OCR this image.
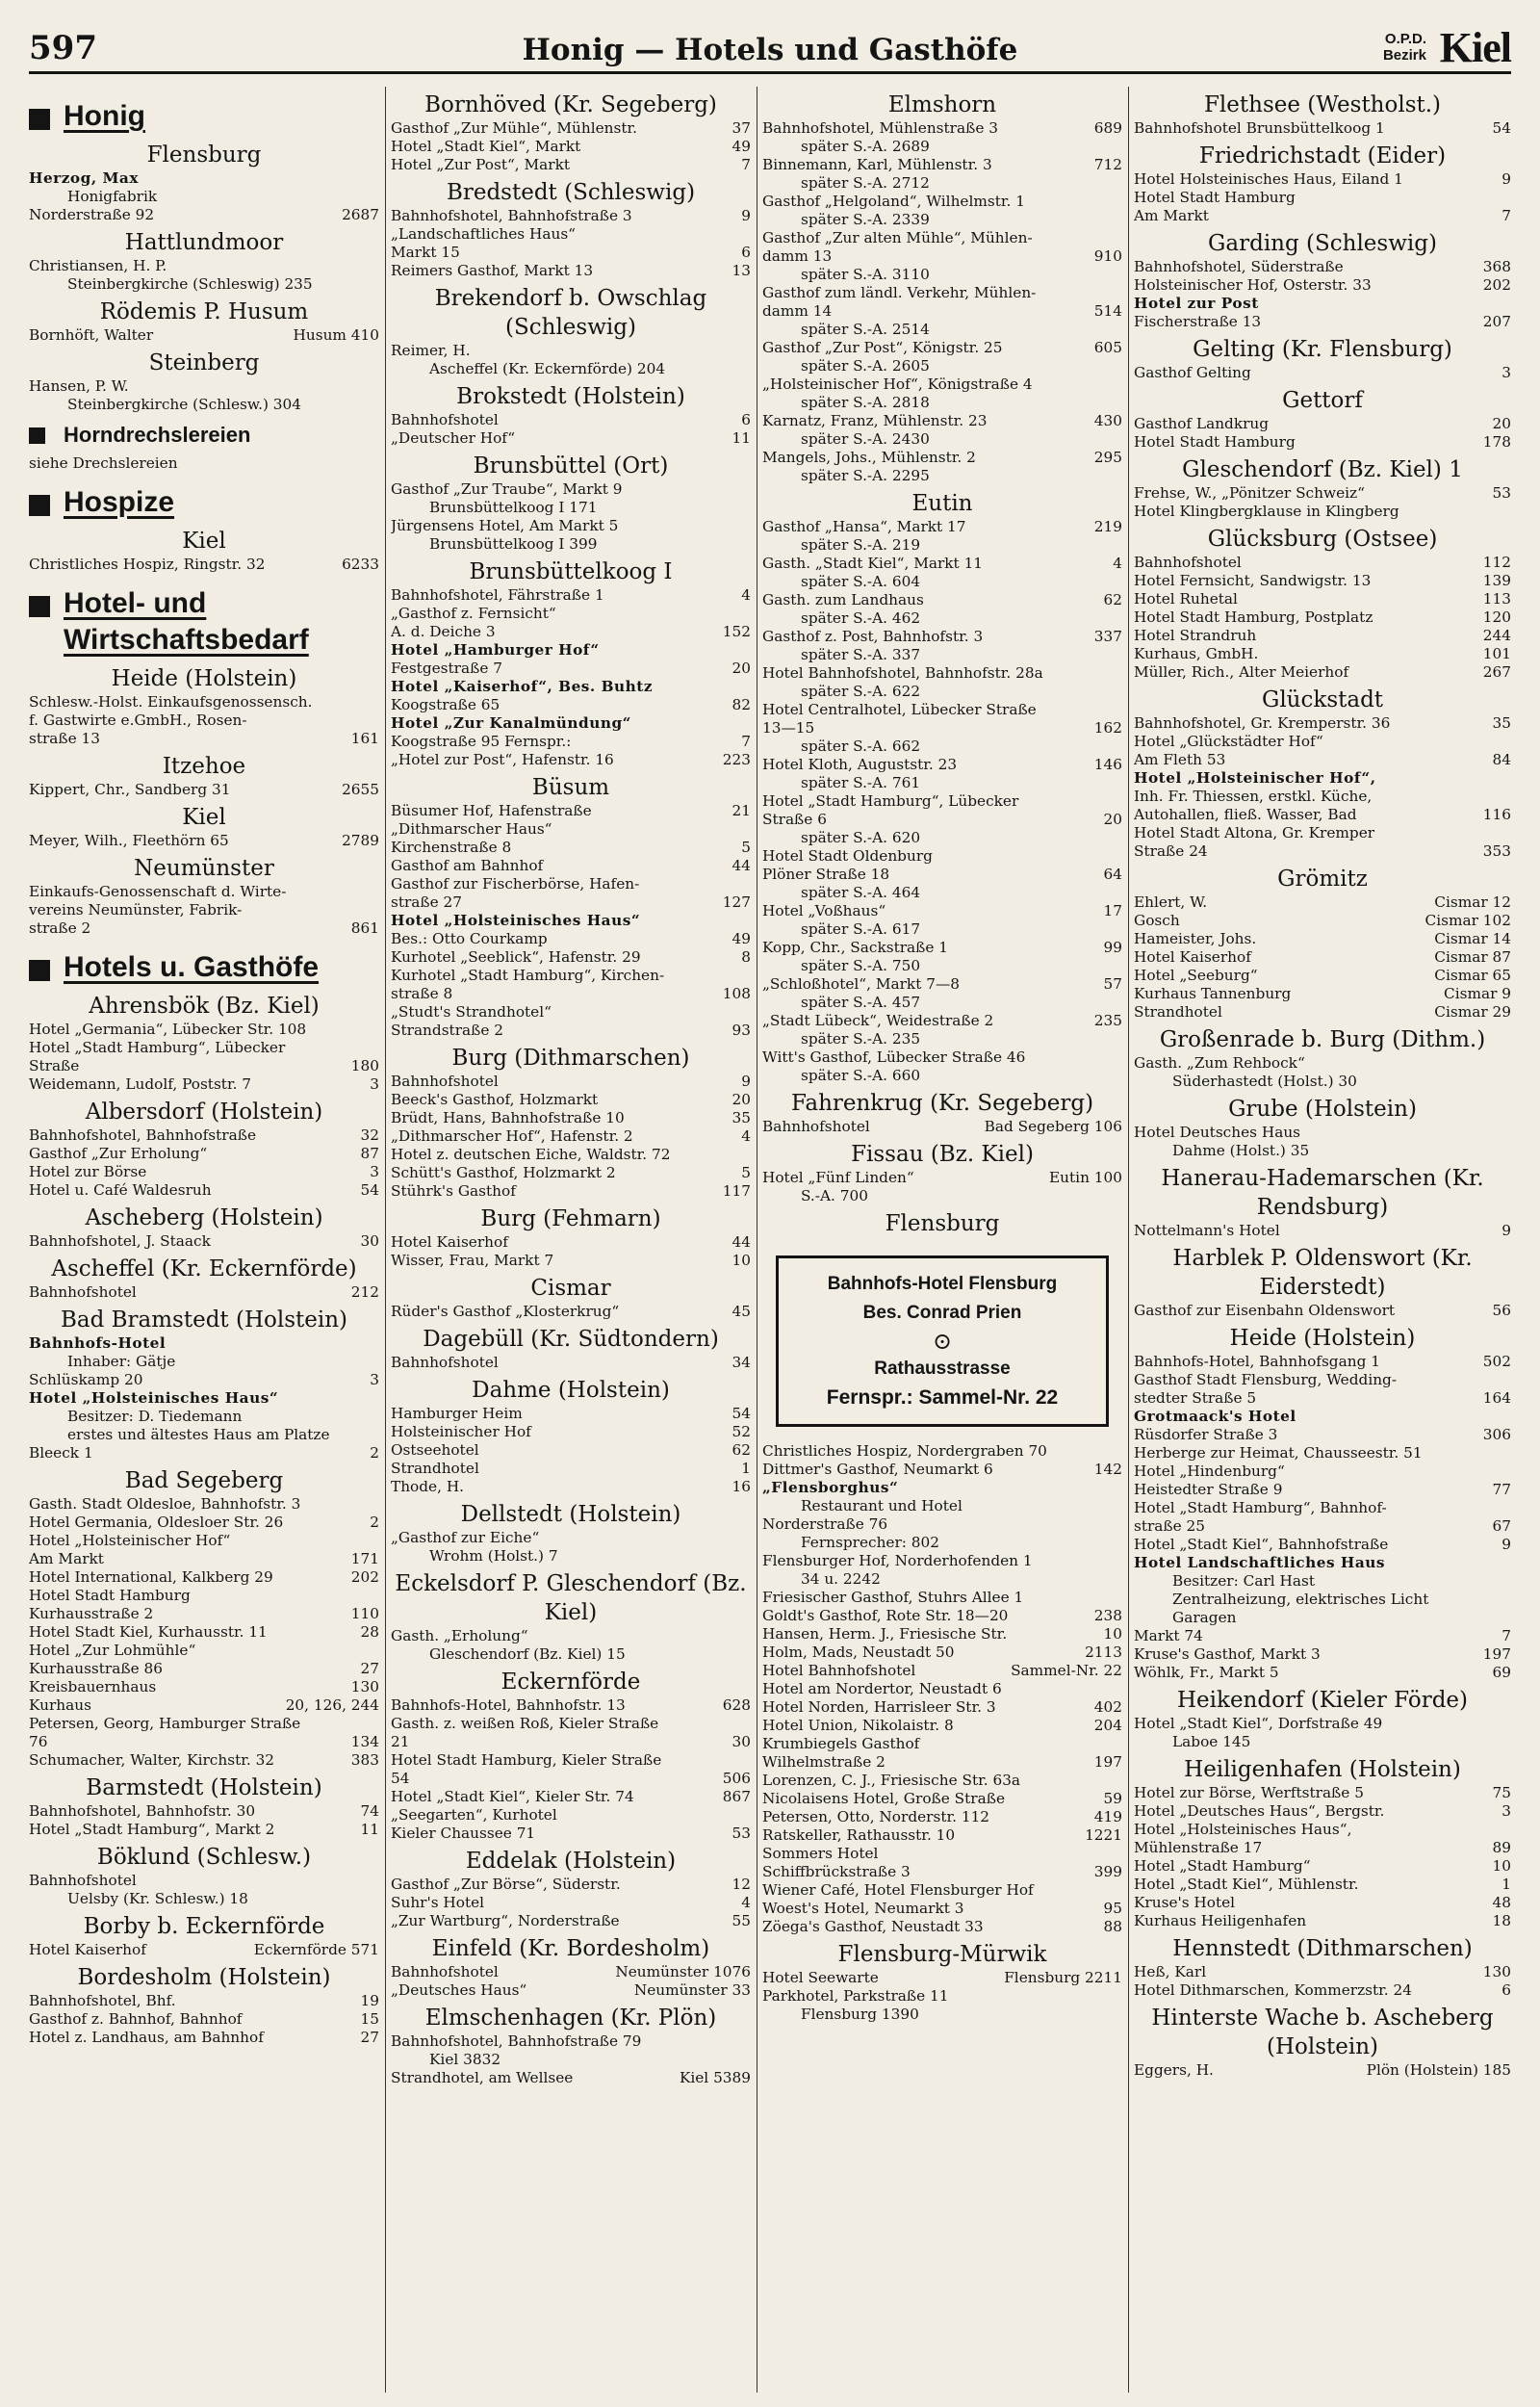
597	Honig — Hotels und Gasthöfe	O.P.D.
Bezirk Kiel
Honig
Flensburg
Herzog, Max
Honigfabrik
Norderstraße 92	2687
Hattlundmoor
Christiansen, H. P.
Steinbergkirche (Schleswig) 235
Rödemis P. Husum
Bornhöft, Walter	Husum 410
Steinberg
Hansen, P. W.
Steinbergkirche (Schlesw.) 304
Horndrechslereien
siehe Drechslereien
Hospize
Kiel
Christliches Hospiz, Ringstr. 32	6233
Hotel- und Wirtschaftsbedarf
Heide (Holstein)
Schlesw.-Holst. Einkaufsgenossensch.
f. Gastwirte e.GmbH., Rosen-
straße 13	161
Itzehoe
Kippert, Chr., Sandberg 31	2655
Kiel
Meyer, Wilh., Fleethörn 65	2789
Neumünster
Einkaufs-Genossenschaft d. Wirte-
vereins Neumünster, Fabrik-
straße 2	861
Hotels u. Gasthöfe
Ahrensbök (Bz. Kiel)
Hotel „Germania“, Lübecker Str. 108
Hotel „Stadt Hamburg“, Lübecker
Straße	180
Weidemann, Ludolf, Poststr. 7	3
Albersdorf (Holstein)
Bahnhofshotel, Bahnhofstraße	32
Gasthof „Zur Erholung“	87
Hotel zur Börse	3
Hotel u. Café Waldesruh	54
Ascheberg (Holstein)
Bahnhofshotel, J. Staack	30
Ascheffel (Kr. Eckernförde)
Bahnhofshotel	212
Bad Bramstedt (Holstein)
Bahnhofs-Hotel
Inhaber: Gätje
Schlüskamp 20	3
Hotel „Holsteinisches Haus“
Besitzer: D. Tiedemann
erstes und ältestes Haus am Platze
Bleeck 1	2
Bad Segeberg
Gasth. Stadt Oldesloe, Bahnhofstr. 3
Hotel Germania, Oldesloer Str. 26	2
Hotel „Holsteinischer Hof“
Am Markt	171
Hotel International, Kalkberg 29	202
Hotel Stadt Hamburg
Kurhausstraße 2	110
Hotel Stadt Kiel, Kurhausstr. 11	28
Hotel „Zur Lohmühle“
Kurhausstraße 86	27
Kreisbauernhaus	130
Kurhaus	20, 126, 244
Petersen, Georg, Hamburger Straße
76	134
Schumacher, Walter, Kirchstr. 32	383
Barmstedt (Holstein)
Bahnhofshotel, Bahnhofstr. 30	74
Hotel „Stadt Hamburg“, Markt 2	11
Böklund (Schlesw.)
Bahnhofshotel
Uelsby (Kr. Schlesw.) 18
Borby b. Eckernförde
Hotel Kaiserhof	Eckernförde 571
Bordesholm (Holstein)
Bahnhofshotel, Bhf.	19
Gasthof z. Bahnhof, Bahnhof	15
Hotel z. Landhaus, am Bahnhof	27
Bornhöved (Kr. Segeberg)
Gasthof „Zur Mühle“, Mühlenstr.	37
Hotel „Stadt Kiel“, Markt	49
Hotel „Zur Post“, Markt	7
Bredstedt (Schleswig)
Bahnhofshotel, Bahnhofstraße 3	9
„Landschaftliches Haus“
Markt 15	6
Reimers Gasthof, Markt 13	13
Brekendorf b. Owschlag (Schleswig)
Reimer, H.
Ascheffel (Kr. Eckernförde) 204
Brokstedt (Holstein)
Bahnhofshotel	6
„Deutscher Hof“	11
Brunsbüttel (Ort)
Gasthof „Zur Traube“, Markt 9
Brunsbüttelkoog I 171
Jürgensens Hotel, Am Markt 5
Brunsbüttelkoog I 399
Brunsbüttelkoog I
Bahnhofshotel, Fährstraße 1	4
„Gasthof z. Fernsicht“
A. d. Deiche 3	152
Hotel „Hamburger Hof“
Festgestraße 7	20
Hotel „Kaiserhof“, Bes. Buhtz
Koogstraße 65	82
Hotel „Zur Kanalmündung“
Koogstraße 95 Fernspr.:	7
„Hotel zur Post“, Hafenstr. 16	223
Büsum
Büsumer Hof, Hafenstraße	21
„Dithmarscher Haus“
Kirchenstraße 8	5
Gasthof am Bahnhof	44
Gasthof zur Fischerbörse, Hafen-
straße 27	127
Hotel „Holsteinisches Haus“
Bes.: Otto Courkamp	49
Kurhotel „Seeblick“, Hafenstr. 29	8
Kurhotel „Stadt Hamburg“, Kirchen-
straße 8	108
„Studt's Strandhotel“
Strandstraße 2	93
Burg (Dithmarschen)
Bahnhofshotel	9
Beeck's Gasthof, Holzmarkt	20
Brüdt, Hans, Bahnhofstraße 10	35
„Dithmarscher Hof“, Hafenstr. 2	4
Hotel z. deutschen Eiche, Waldstr. 72
Schütt's Gasthof, Holzmarkt 2	5
Stührk's Gasthof	117
Burg (Fehmarn)
Hotel Kaiserhof	44
Wisser, Frau, Markt 7	10
Cismar
Rüder's Gasthof „Klosterkrug“	45
Dagebüll (Kr. Südtondern)
Bahnhofshotel	34
Dahme (Holstein)
Hamburger Heim	54
Holsteinischer Hof	52
Ostseehotel	62
Strandhotel	1
Thode, H.	16
Dellstedt (Holstein)
„Gasthof zur Eiche“
Wrohm (Holst.) 7
Eckelsdorf P. Gleschendorf (Bz. Kiel)
Gasth. „Erholung“
Gleschendorf (Bz. Kiel) 15
Eckernförde
Bahnhofs-Hotel, Bahnhofstr. 13	628
Gasth. z. weißen Roß, Kieler Straße
21	30
Hotel Stadt Hamburg, Kieler Straße
54	506
Hotel „Stadt Kiel“, Kieler Str. 74	867
„Seegarten“, Kurhotel
Kieler Chaussee 71	53
Eddelak (Holstein)
Gasthof „Zur Börse“, Süderstr.	12
Suhr's Hotel	4
„Zur Wartburg“, Norderstraße	55
Einfeld (Kr. Bordesholm)
Bahnhofshotel	Neumünster 1076
„Deutsches Haus“	Neumünster 33
Elmschenhagen (Kr. Plön)
Bahnhofshotel, Bahnhofstraße 79
Kiel 3832
Strandhotel, am Wellsee	Kiel 5389
Elmshorn
Bahnhofshotel, Mühlenstraße 3	689
später S.-A. 2689
Binnemann, Karl, Mühlenstr. 3	712
später S.-A. 2712
Gasthof „Helgoland“, Wilhelmstr. 1
später S.-A. 2339
Gasthof „Zur alten Mühle“, Mühlen-
damm 13	910
später S.-A. 3110
Gasthof zum ländl. Verkehr, Mühlen-
damm 14	514
später S.-A. 2514
Gasthof „Zur Post“, Königstr. 25	605
später S.-A. 2605
„Holsteinischer Hof“, Königstraße 4
später S.-A. 2818
Karnatz, Franz, Mühlenstr. 23	430
später S.-A. 2430
Mangels, Johs., Mühlenstr. 2	295
später S.-A. 2295
Eutin
Gasthof „Hansa“, Markt 17	219
später S.-A. 219
Gasth. „Stadt Kiel“, Markt 11	4
später S.-A. 604
Gasth. zum Landhaus	62
später S.-A. 462
Gasthof z. Post, Bahnhofstr. 3	337
später S.-A. 337
Hotel Bahnhofshotel, Bahnhofstr. 28a
später S.-A. 622
Hotel Centralhotel, Lübecker Straße
13—15	162
später S.-A. 662
Hotel Kloth, Auguststr. 23	146
später S.-A. 761
Hotel „Stadt Hamburg“, Lübecker
Straße 6	20
später S.-A. 620
Hotel Stadt Oldenburg
Plöner Straße 18	64
später S.-A. 464
Hotel „Voßhaus“	17
später S.-A. 617
Kopp, Chr., Sackstraße 1	99
später S.-A. 750
„Schloßhotel“, Markt 7—8	57
später S.-A. 457
„Stadt Lübeck“, Weidestraße 2	235
später S.-A. 235
Witt's Gasthof, Lübecker Straße 46
später S.-A. 660
Fahrenkrug (Kr. Segeberg)
Bahnhofshotel	Bad Segeberg 106
Fissau (Bz. Kiel)
Hotel „Fünf Linden“	Eutin 100
S.-A. 700
Flensburg
Bahnhofs-Hotel Flensburg
Bes. Conrad Prien
⊙
Rathausstrasse
Fernspr.: Sammel-Nr. 22
Christliches Hospiz, Nordergraben 70
Dittmer's Gasthof, Neumarkt 6	142
„Flensborghus“
Restaurant und Hotel
Norderstraße 76
Fernsprecher: 802
Flensburger Hof, Norderhofenden 1
34 u. 2242
Friesischer Gasthof, Stuhrs Allee 1
Goldt's Gasthof, Rote Str. 18—20	238
Hansen, Herm. J., Friesische Str.	10
Holm, Mads, Neustadt 50	2113
Hotel Bahnhofshotel	Sammel-Nr. 22
Hotel am Nordertor, Neustadt 6
Hotel Norden, Harrisleer Str. 3	402
Hotel Union, Nikolaistr. 8	204
Krumbiegels Gasthof
Wilhelmstraße 2	197
Lorenzen, C. J., Friesische Str. 63a
Nicolaisens Hotel, Große Straße	59
Petersen, Otto, Norderstr. 112	419
Ratskeller, Rathausstr. 10	1221
Sommers Hotel
Schiffbrückstraße 3	399
Wiener Café, Hotel Flensburger Hof
Woest's Hotel, Neumarkt 3	95
Zöega's Gasthof, Neustadt 33	88
Flensburg-Mürwik
Hotel Seewarte	Flensburg 2211
Parkhotel, Parkstraße 11
Flensburg 1390
Flethsee (Westholst.)
Bahnhofshotel Brunsbüttelkoog 1	54
Friedrichstadt (Eider)
Hotel Holsteinisches Haus, Eiland 1	9
Hotel Stadt Hamburg
Am Markt	7
Garding (Schleswig)
Bahnhofshotel, Süderstraße	368
Holsteinischer Hof, Osterstr. 33	202
Hotel zur Post
Fischerstraße 13	207
Gelting (Kr. Flensburg)
Gasthof Gelting	3
Gettorf
Gasthof Landkrug	20
Hotel Stadt Hamburg	178
Gleschendorf (Bz. Kiel) 1
Frehse, W., „Pönitzer Schweiz“	53
Hotel Klingbergklause in Klingberg
Glücksburg (Ostsee)
Bahnhofshotel	112
Hotel Fernsicht, Sandwigstr. 13	139
Hotel Ruhetal	113
Hotel Stadt Hamburg, Postplatz	120
Hotel Strandruh	244
Kurhaus, GmbH.	101
Müller, Rich., Alter Meierhof	267
Glückstadt
Bahnhofshotel, Gr. Kremperstr. 36	35
Hotel „Glückstädter Hof“
Am Fleth 53	84
Hotel „Holsteinischer Hof“,
Inh. Fr. Thiessen, erstkl. Küche,
Autohallen, fließ. Wasser, Bad	116
Hotel Stadt Altona, Gr. Kremper
Straße 24	353
Grömitz
Ehlert, W.	Cismar 12
Gosch	Cismar 102
Hameister, Johs.	Cismar 14
Hotel Kaiserhof	Cismar 87
Hotel „Seeburg“	Cismar 65
Kurhaus Tannenburg	Cismar 9
Strandhotel	Cismar 29
Großenrade b. Burg (Dithm.)
Gasth. „Zum Rehbock“
Süderhastedt (Holst.) 30
Grube (Holstein)
Hotel Deutsches Haus
Dahme (Holst.) 35
Hanerau-Hademarschen (Kr. Rendsburg)
Nottelmann's Hotel	9
Harblek P. Oldenswort (Kr. Eiderstedt)
Gasthof zur Eisenbahn Oldenswort	56
Heide (Holstein)
Bahnhofs-Hotel, Bahnhofsgang 1	502
Gasthof Stadt Flensburg, Wedding-
stedter Straße 5	164
Grotmaack's Hotel
Rüsdorfer Straße 3	306
Herberge zur Heimat, Chausseestr. 51
Hotel „Hindenburg“
Heistedter Straße 9	77
Hotel „Stadt Hamburg“, Bahnhof-
straße 25	67
Hotel „Stadt Kiel“, Bahnhofstraße	9
Hotel Landschaftliches Haus
Besitzer: Carl Hast
Zentralheizung, elektrisches Licht
Garagen
Markt 74	7
Kruse's Gasthof, Markt 3	197
Wöhlk, Fr., Markt 5	69
Heikendorf (Kieler Förde)
Hotel „Stadt Kiel“, Dorfstraße 49
Laboe 145
Heiligenhafen (Holstein)
Hotel zur Börse, Werftstraße 5	75
Hotel „Deutsches Haus“, Bergstr.	3
Hotel „Holsteinisches Haus“,
Mühlenstraße 17	89
Hotel „Stadt Hamburg“	10
Hotel „Stadt Kiel“, Mühlenstr.	1
Kruse's Hotel	48
Kurhaus Heiligenhafen	18
Hennstedt (Dithmarschen)
Heß, Karl	130
Hotel Dithmarschen, Kommerzstr. 24	6
Hinterste Wache b. Ascheberg (Holstein)
Eggers, H.	Plön (Holstein) 185
